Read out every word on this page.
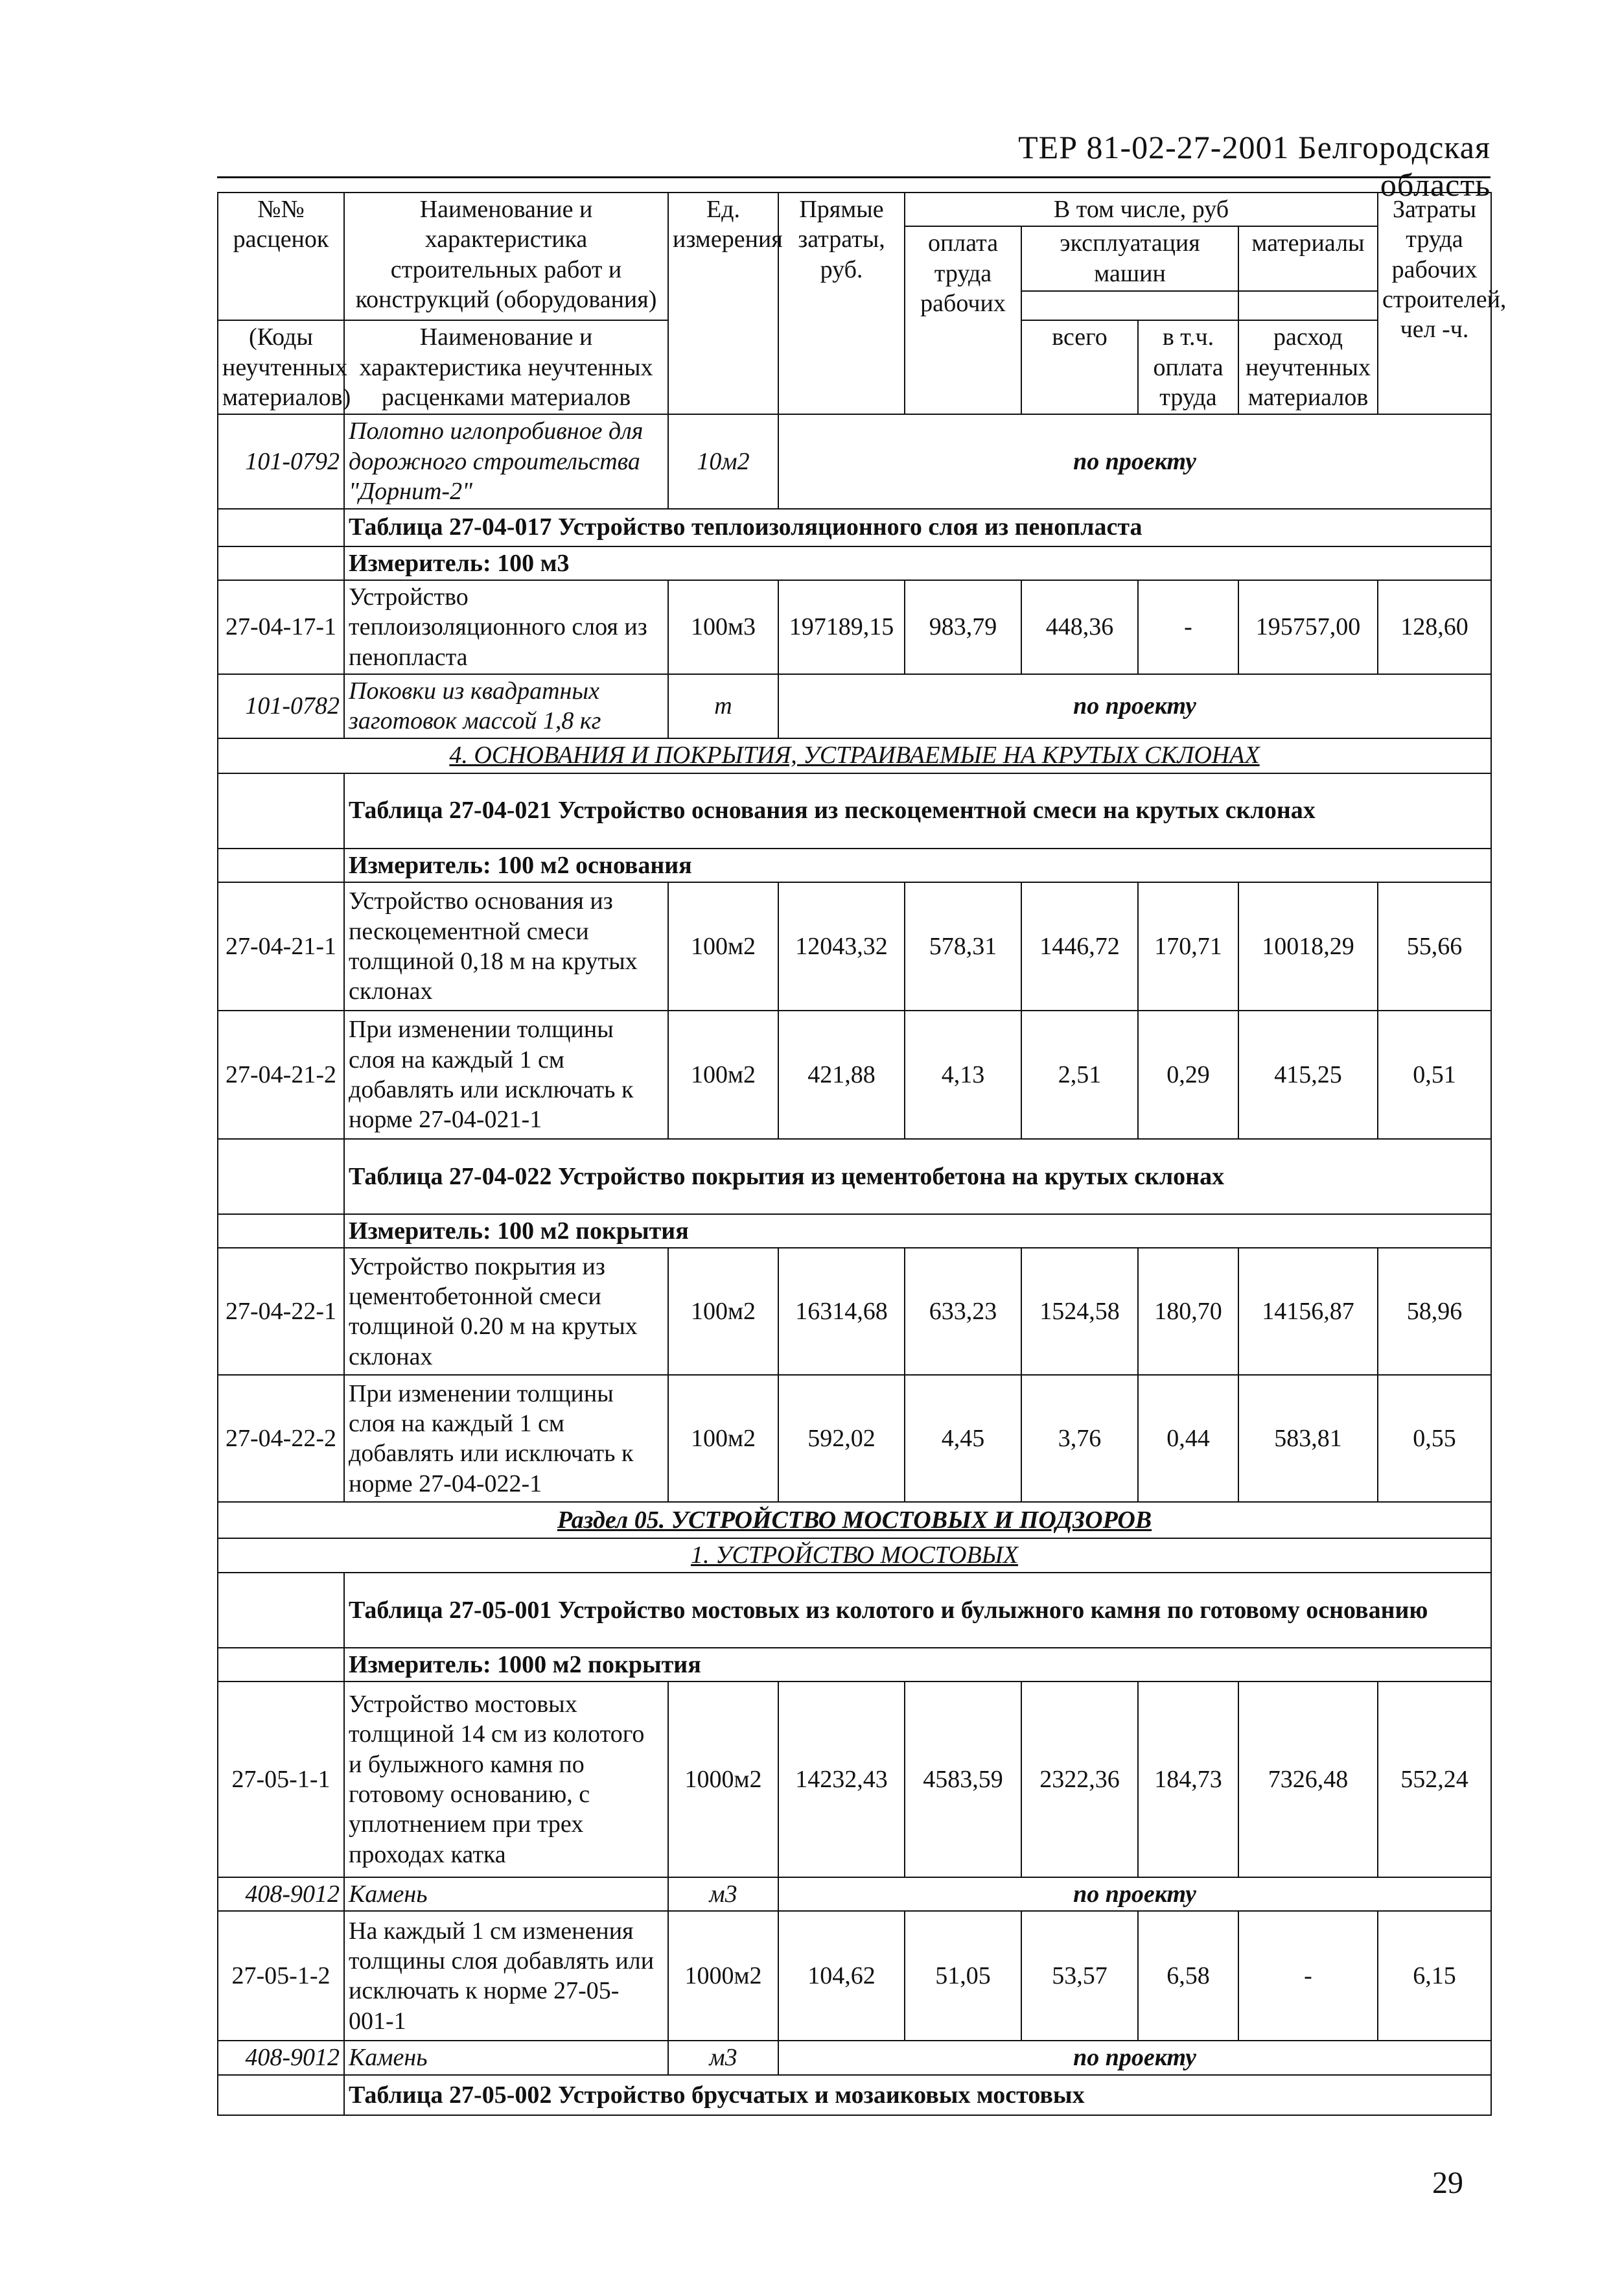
ТЕР 81-02-27-2001 Белгородская область
№№ расценок	Наименование и характеристика строительных работ и конструкций (оборудования)	Ед. измерения	Прямые затраты, руб.	В том числе, руб				Затраты труда рабочих строителей, чел -ч.
				оплата труда рабочих	эксплуатация машин		материалы	

(Коды неучтенных материалов)	Наименование и характеристика неучтенных расценками материалов				всего	в т.ч. оплата труда	расход неучтенных материалов	

101-0792	Полотно иглопробивное для дорожного строительства "Дорнит-2"	10м2	по проекту					
	Таблица 27-04-017 Устройство теплоизоляционного слоя из пенопласта							
	Измеритель: 100 м3							
27-04-17-1	Устройство теплоизоляционного слоя из пенопласта	100м3	197189,15	983,79	448,36	-	195757,00	128,60
101-0782	Поковки из квадратных заготовок массой 1,8 кг	т	по проекту					
4. ОСНОВАНИЯ И ПОКРЫТИЯ, УСТРАИВАЕМЫЕ НА КРУТЫХ СКЛОНАХ								
	Таблица 27-04-021 Устройство основания из пескоцементной смеси на крутых склонах							
	Измеритель: 100 м2 основания							
27-04-21-1	Устройство основания из пескоцементной смеси толщиной 0,18 м на крутых склонах	100м2	12043,32	578,31	1446,72	170,71	10018,29	55,66
27-04-21-2	При изменении толщины слоя на каждый 1 см добавлять или исключать к норме 27-04-021-1	100м2	421,88	4,13	2,51	0,29	415,25	0,51
	Таблица 27-04-022 Устройство покрытия из цементобетона на крутых склонах							
	Измеритель: 100 м2 покрытия							
27-04-22-1	Устройство покрытия из цементобетонной смеси толщиной 0.20 м на крутых склонах	100м2	16314,68	633,23	1524,58	180,70	14156,87	58,96
27-04-22-2	При изменении толщины слоя на каждый 1 см добавлять или исключать к норме 27-04-022-1	100м2	592,02	4,45	3,76	0,44	583,81	0,55
Раздел 05. УСТРОЙСТВО МОСТОВЫХ И ПОДЗОРОВ								
1. УСТРОЙСТВО МОСТОВЫХ								
	Таблица 27-05-001 Устройство мостовых из колотого и булыжного камня по готовому основанию							
	Измеритель: 1000 м2 покрытия							
27-05-1-1	Устройство мостовых толщиной 14 см из колотого и булыжного камня по готовому основанию, с уплотнением при трех проходах катка	1000м2	14232,43	4583,59	2322,36	184,73	7326,48	552,24
408-9012	Камень	м3	по проекту					
27-05-1-2	На каждый 1 см изменения толщины слоя добавлять или исключать к норме 27-05-001-1	1000м2	104,62	51,05	53,57	6,58	-	6,15
408-9012	Камень	м3	по проекту					
	Таблица 27-05-002 Устройство брусчатых и мозаиковых мостовых							
29
